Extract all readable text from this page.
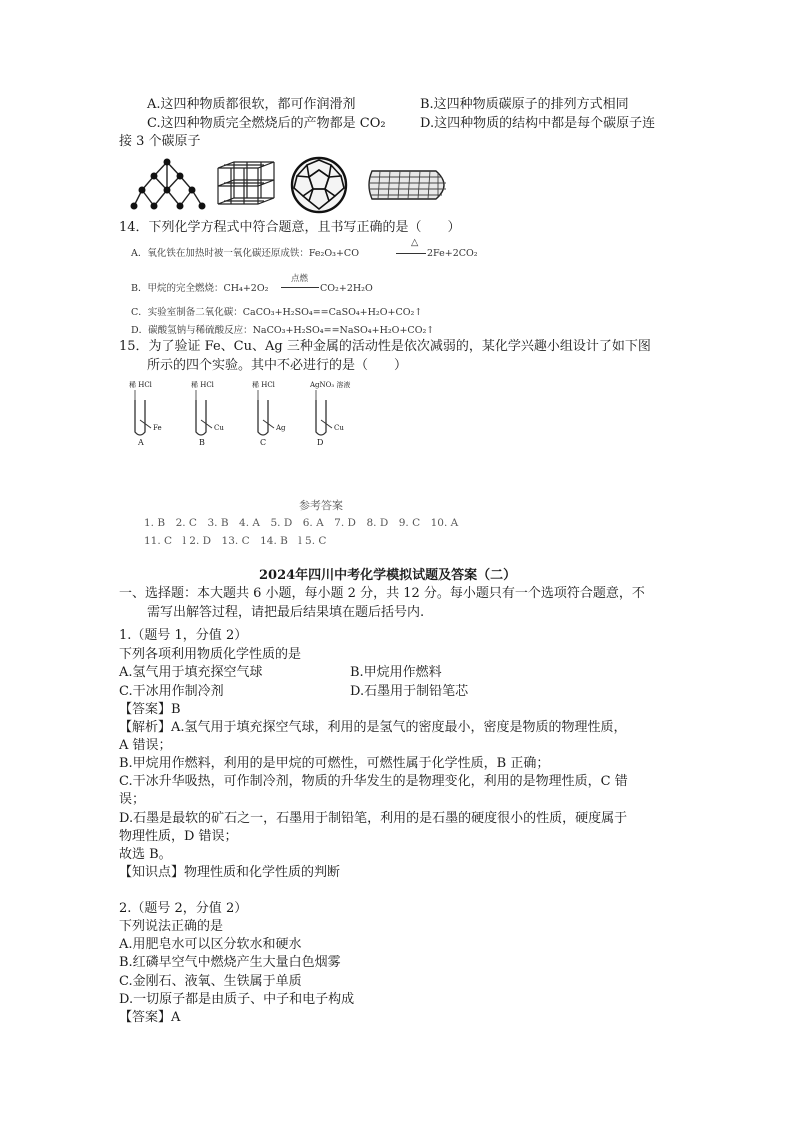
A.这四种物质都很软，都可作润滑剂	B.这四种物质碳原子的排列方式相同
C.这四种物质完全燃烧后的产物都是 CO₂	D.这四种物质的结构中都是每个碳原子连
接 3 个碳原子
14．下列化学方程式中符合题意，且书写正确的是（　　）
A．氧化铁在加热时被一氧化碳还原成铁：Fe₂O₃+CO
△
2Fe+2CO₂
B．甲烷的完全燃烧：CH₄+2O₂
点燃
CO₂+2H₂O
C．实验室制备二氧化碳：CaCO₃+H₂SO₄==CaSO₄+H₂O+CO₂↑
D．碳酸氢钠与稀硫酸反应：NaCO₃+H₂SO₄==NaSO₄+H₂O+CO₂↑
15．为了验证 Fe、Cu、Ag 三种金属的活动性是依次减弱的，某化学兴趣小组设计了如下图
所示的四个实验。其中不必进行的是（　　）
稀 HCl
Fe
A
稀 HCl
Cu
B
稀 HCl
Ag
C
AgNO₃ 溶液
Cu
D
参考答案
1. B　2. C　3. B　4. A　5. D　6. A　7. D　8. D　9. C　10. A
11. C　l 2. D　13. C　14. B　l 5. C
2024年四川中考化学模拟试题及答案（二）
一、选择题：本大题共 6 小题，每小题 2 分，共 12 分。每小题只有一个选项符合题意，不
需写出解答过程，请把最后结果填在题后括号内.
1.（题号 1，分值 2）
下列各项利用物质化学性质的是
A.氢气用于填充探空气球	B.甲烷用作燃料
C.干冰用作制冷剂	D.石墨用于制铅笔芯
【答案】B
【解析】A.氢气用于填充探空气球，利用的是氢气的密度最小，密度是物质的物理性质，
A 错误；
B.甲烷用作燃料，利用的是甲烷的可燃性，可燃性属于化学性质，B 正确；
C.干冰升华吸热，可作制冷剂，物质的升华发生的是物理变化，利用的是物理性质，C 错
误；
D.石墨是最软的矿石之一，石墨用于制铅笔，利用的是石墨的硬度很小的性质，硬度属于
物理性质，D 错误；
故选 B。
【知识点】物理性质和化学性质的判断
2.（题号 2，分值 2）
下列说法正确的是
A.用肥皂水可以区分软水和硬水
B.红磷早空气中燃烧产生大量白色烟雾
C.金刚石、液氧、生铁属于单质
D.一切原子都是由质子、中子和电子构成
【答案】A
